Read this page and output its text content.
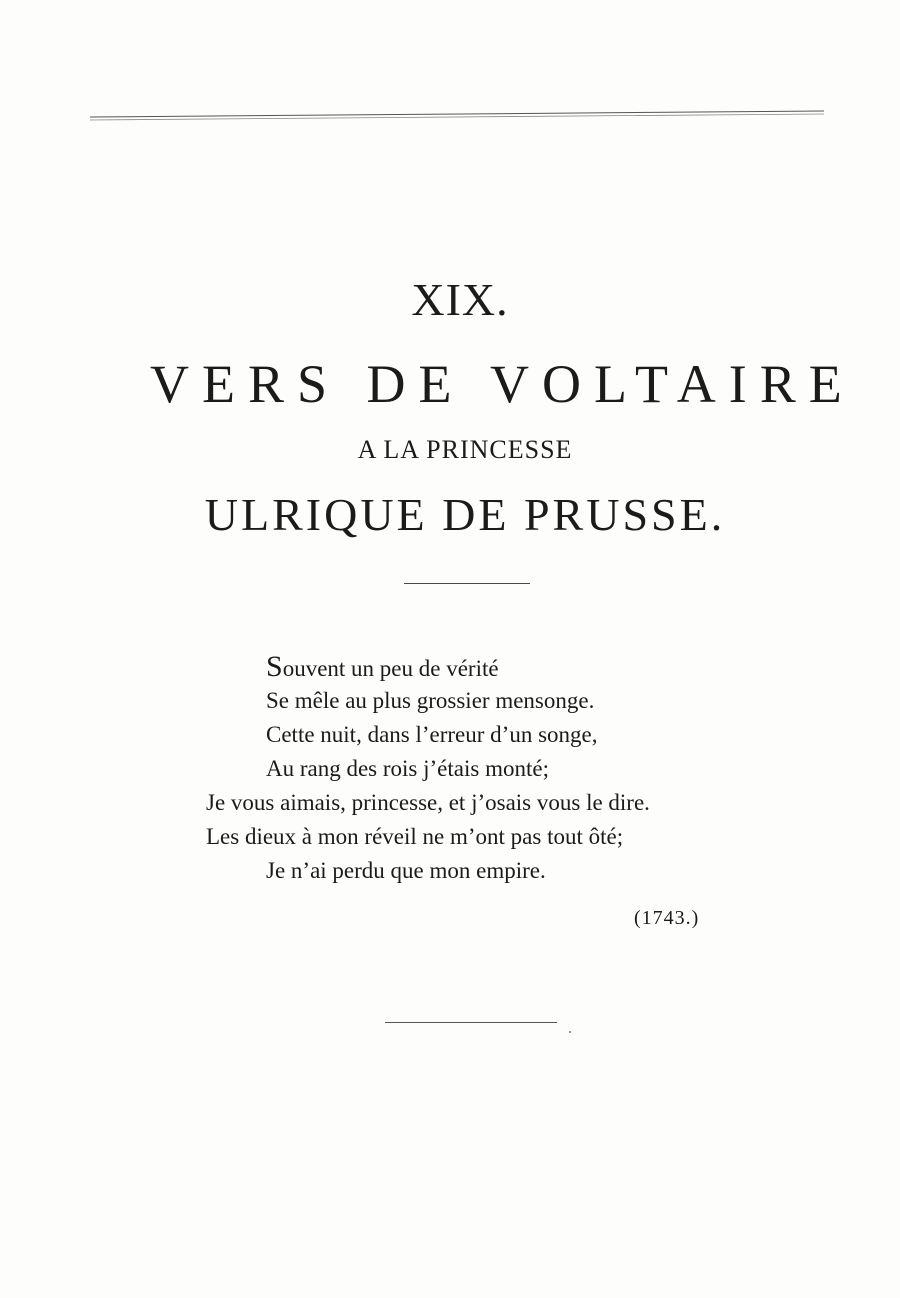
XIX.
VERS DE VOLTAIRE
A LA PRINCESSE
ULRIQUE DE PRUSSE.
Souvent un peu de vérité
Se mêle au plus grossier mensonge.
Cette nuit, dans l’erreur d’un songe,
Au rang des rois j’étais monté;
Je vous aimais, princesse, et j’osais vous le dire.
Les dieux à mon réveil ne m’ont pas tout ôté;
Je n’ai perdu que mon empire.
(1743.)
